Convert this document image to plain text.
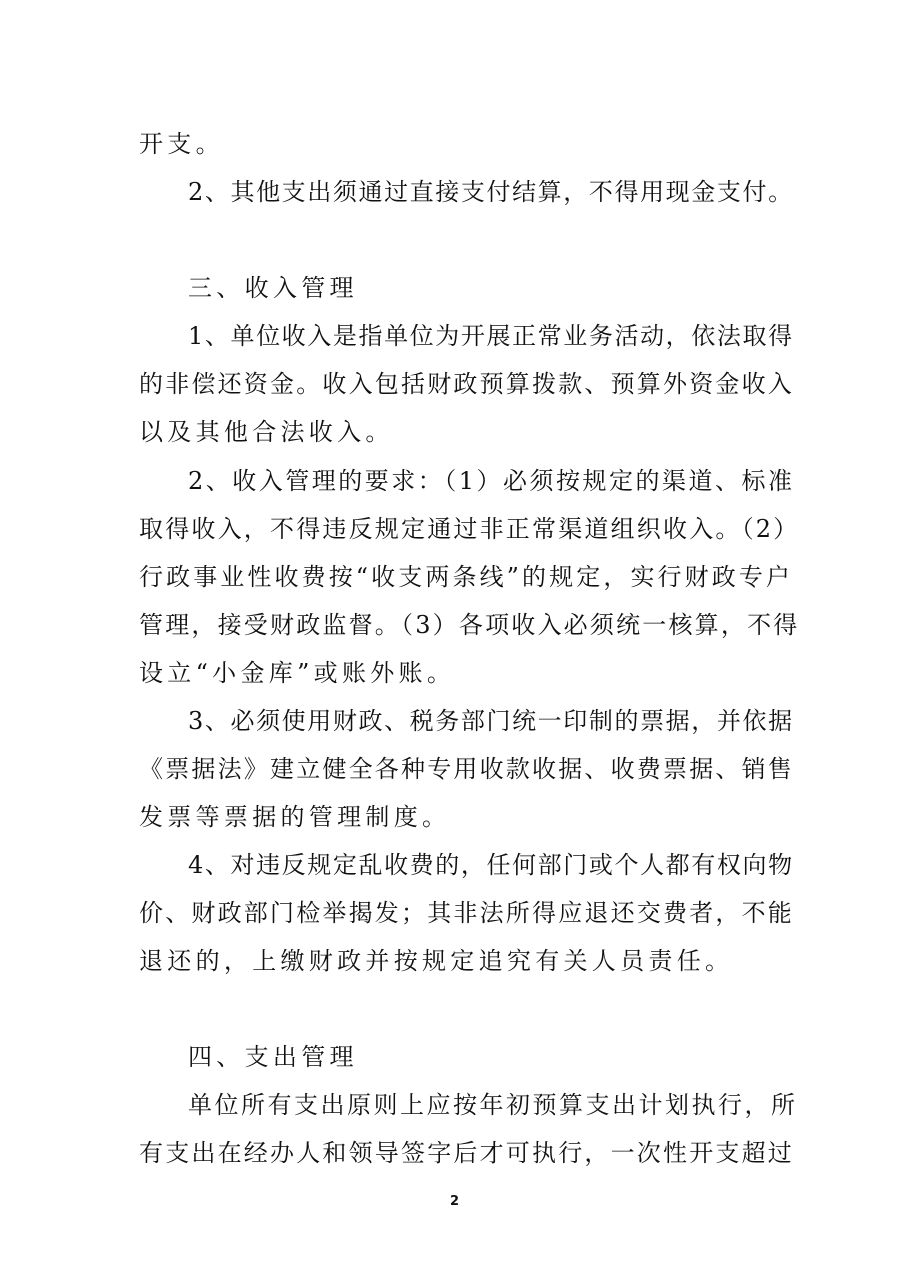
开支。
2、其他支出须通过直接支付结算，不得用现金支付。
三、收入管理
1、单位收入是指单位为开展正常业务活动，依法取得
的非偿还资金。收入包括财政预算拨款、预算外资金收入
以及其他合法收入。
2、收入管理的要求：（1）必须按规定的渠道、标准
取得收入，不得违反规定通过非正常渠道组织收入。（2）
行政事业性收费按“收支两条线”的规定，实行财政专户
管理，接受财政监督。（3）各项收入必须统一核算，不得
设立“小金库”或账外账。
3、必须使用财政、税务部门统一印制的票据，并依据
《票据法》建立健全各种专用收款收据、收费票据、销售
发票等票据的管理制度。
4、对违反规定乱收费的，任何部门或个人都有权向物
价、财政部门检举揭发；其非法所得应退还交费者，不能
退还的，上缴财政并按规定追究有关人员责任。
四、支出管理
单位所有支出原则上应按年初预算支出计划执行，所
有支出在经办人和领导签字后才可执行，一次性开支超过
2
